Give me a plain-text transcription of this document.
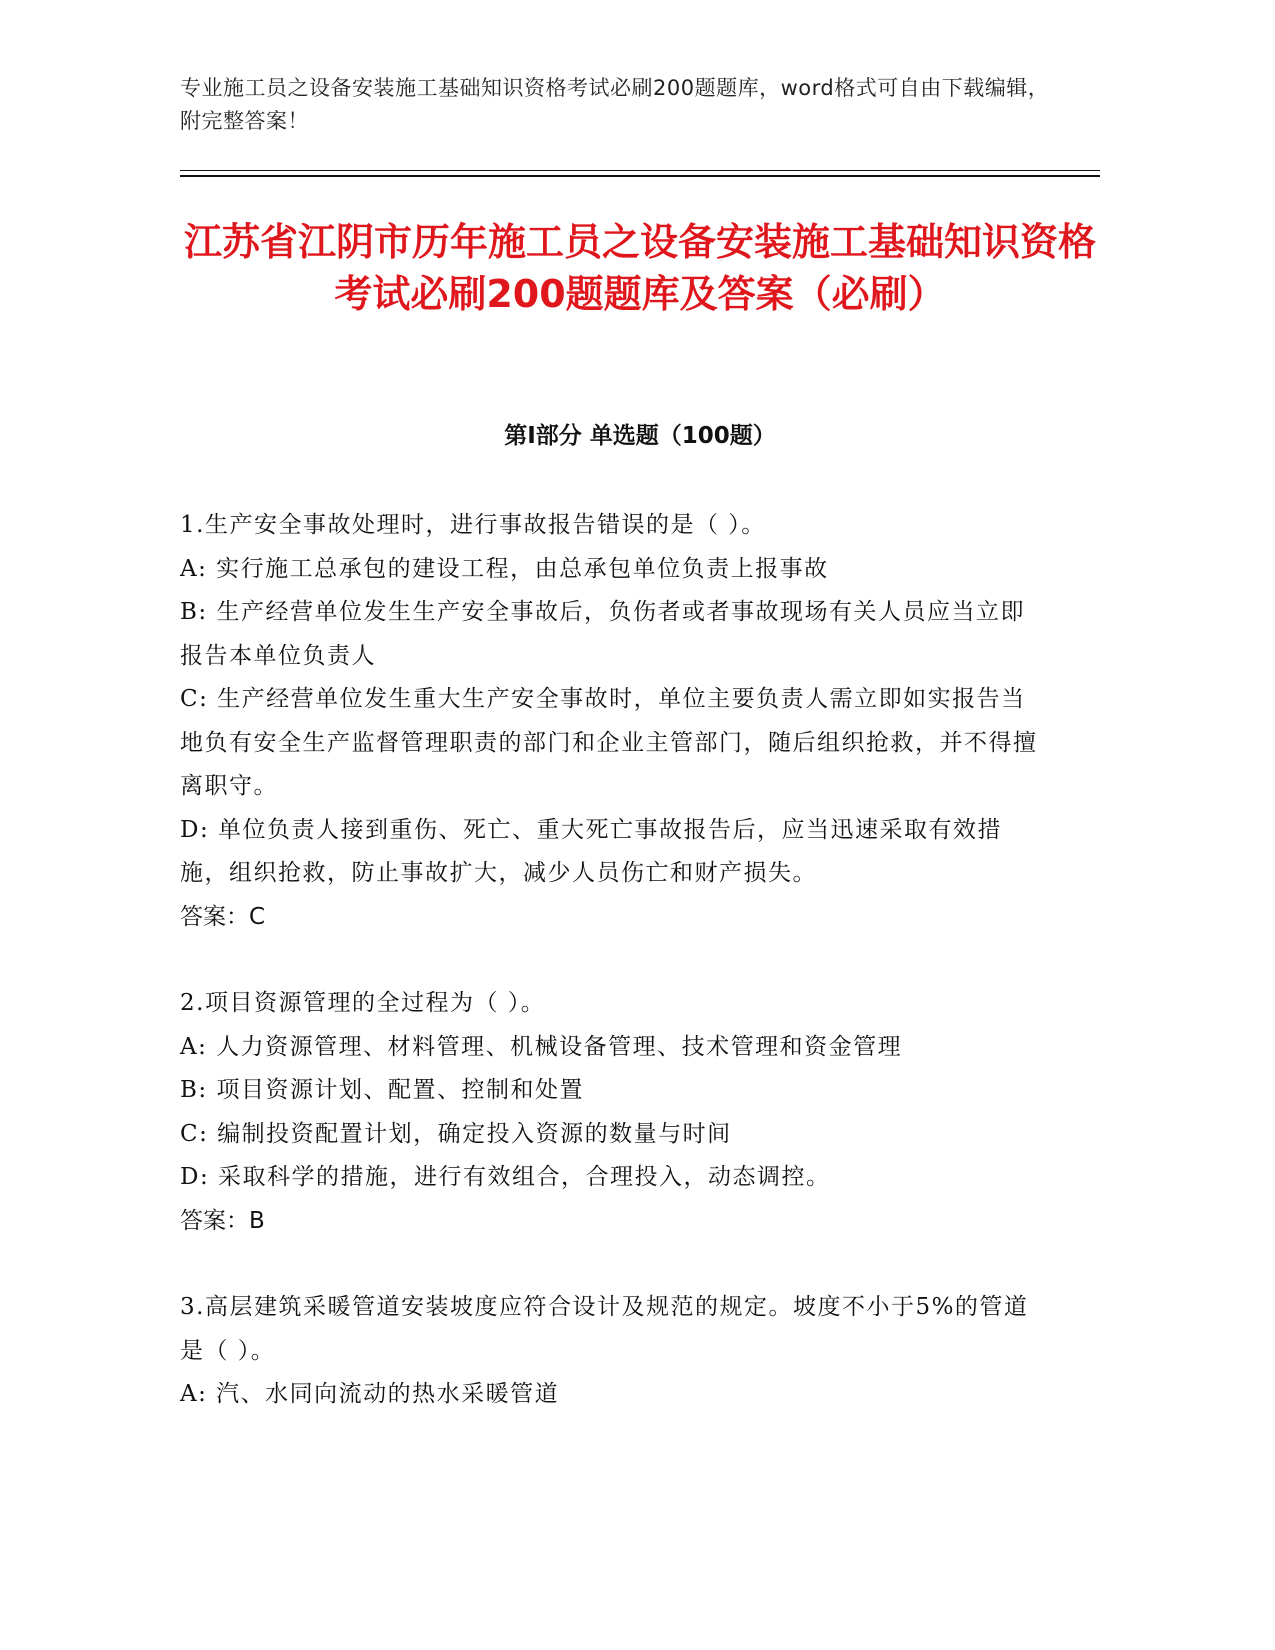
专业施工员之设备安装施工基础知识资格考试必刷200题题库，word格式可自由下载编辑，附完整答案！
江苏省江阴市历年施工员之设备安装施工基础知识资格考试必刷200题题库及答案（必刷）
第Ⅰ部分 单选题（100题）
1.生产安全事故处理时，进行事故报告错误的是（ ）。
A: 实行施工总承包的建设工程，由总承包单位负责上报事故
B: 生产经营单位发生生产安全事故后，负伤者或者事故现场有关人员应当立即报告本单位负责人
C: 生产经营单位发生重大生产安全事故时，单位主要负责人需立即如实报告当地负有安全生产监督管理职责的部门和企业主管部门，随后组织抢救，并不得擅离职守。
D: 单位负责人接到重伤、死亡、重大死亡事故报告后，应当迅速采取有效措施，组织抢救，防止事故扩大，减少人员伤亡和财产损失。
答案：C
2.项目资源管理的全过程为（ ）。
A: 人力资源管理、材料管理、机械设备管理、技术管理和资金管理
B: 项目资源计划、配置、控制和处置
C: 编制投资配置计划，确定投入资源的数量与时间
D: 采取科学的措施，进行有效组合，合理投入，动态调控。
答案：B
3.高层建筑采暖管道安装坡度应符合设计及规范的规定。坡度不小于5%的管道是（ ）。
A: 汽、水同向流动的热水采暖管道
